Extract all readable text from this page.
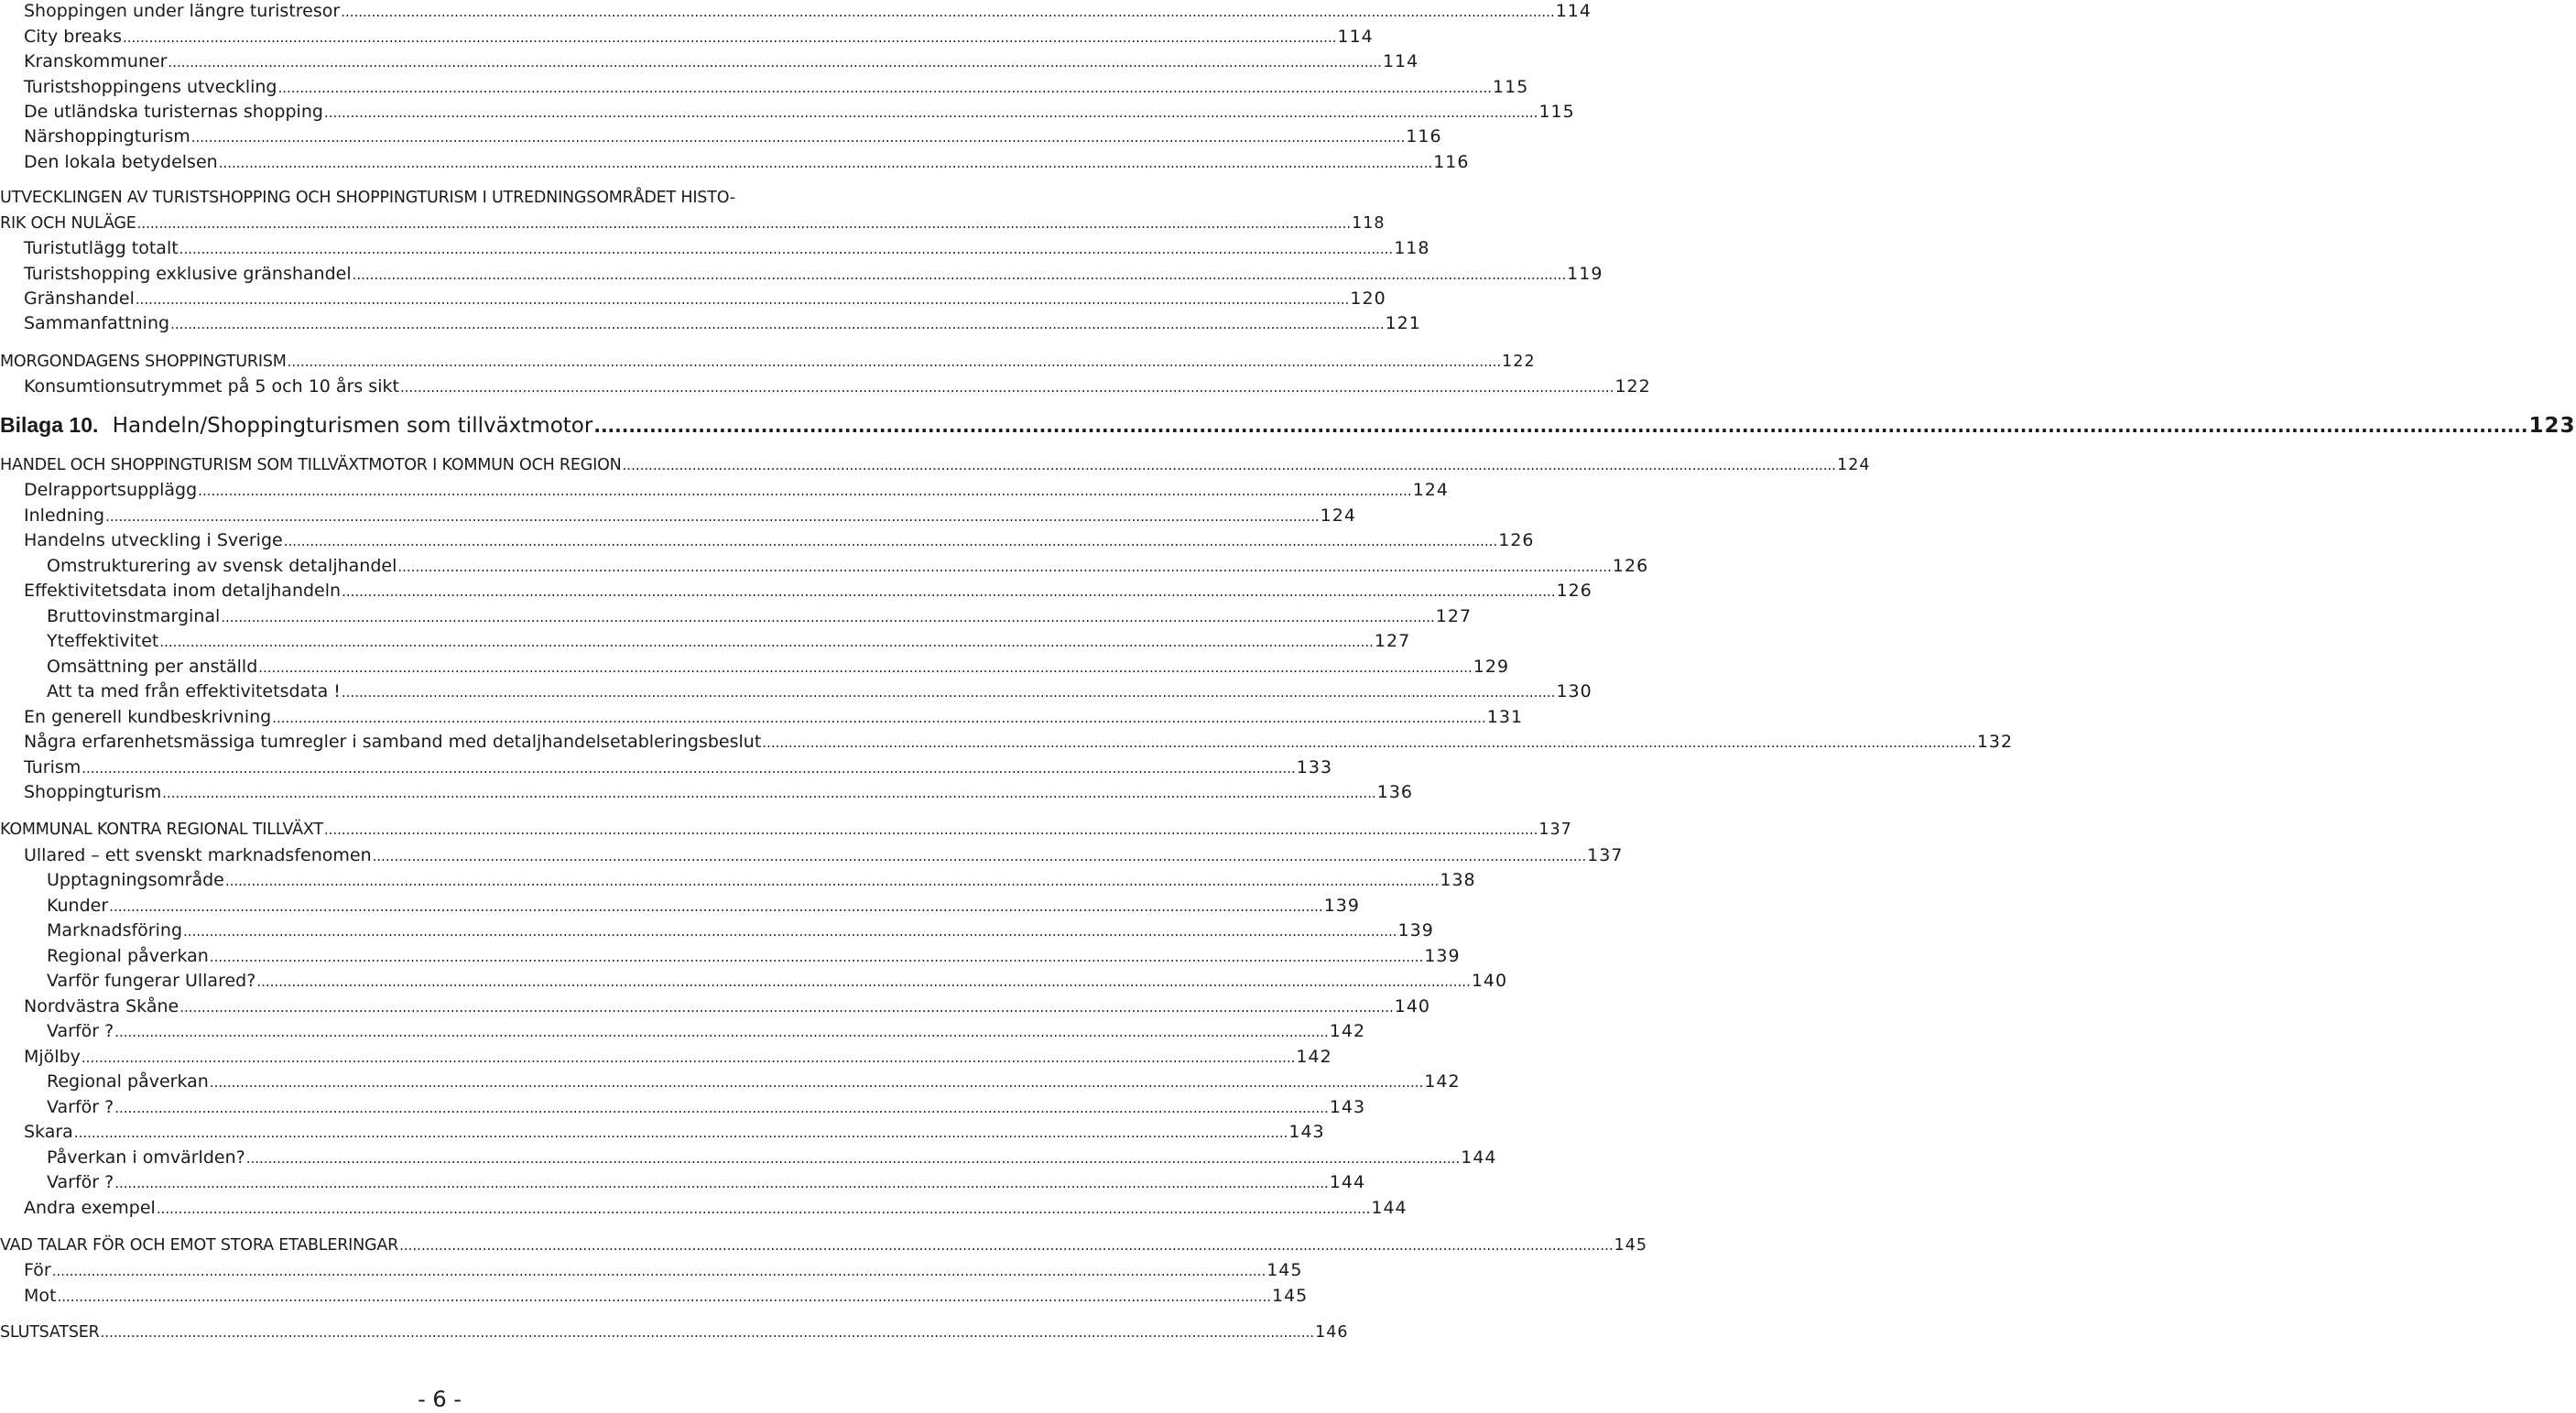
Shoppingen under längre turistresor .....	114
City breaks .....	114
Kranskommuner .....	114
Turistshoppingens utveckling .....	115
De utländska turisternas shopping .....	115
Närshoppingturism .....	116
Den lokala betydelsen .....	116
UTVECKLINGEN AV TURISTSHOPPING OCH SHOPPINGTURISM I UTREDNINGSOMRÅDET HISTO-
RIK OCH NULÄGE .....	118
Turistutlägg totalt .....	118
Turistshopping exklusive gränshandel .....	119
Gränshandel .....	120
Sammanfattning .....	121
MORGONDAGENS SHOPPINGTURISM .....	122
Konsumtionsutrymmet på 5 och 10 års sikt .....	122
Bilaga 10. Handeln/Shoppingturismen som tillväxtmotor .....	123
HANDEL OCH SHOPPINGTURISM SOM TILLVÄXTMOTOR I KOMMUN OCH REGION .....	124
Delrapportsupplägg .....	124
Inledning .....	124
Handelns utveckling i Sverige .....	126
Omstrukturering av svensk detaljhandel .....	126
Effektivitetsdata inom detaljhandeln .....	126
Bruttovinstmarginal .....	127
Yteffektivitet .....	127
Omsättning per anställd .....	129
Att ta med från effektivitetsdata ! .....	130
En generell kundbeskrivning .....	131
Några erfarenhetsmässiga tumregler i samband med detaljhandelsetableringsbeslut .....	132
Turism .....	133
Shoppingturism .....	136
KOMMUNAL KONTRA REGIONAL TILLVÄXT .....	137
Ullared – ett svenskt marknadsfenomen .....	137
Upptagningsområde .....	138
Kunder .....	139
Marknadsföring .....	139
Regional påverkan .....	139
Varför fungerar Ullared? .....	140
Nordvästra Skåne .....	140
Varför ? .....	142
Mjölby .....	142
Regional påverkan .....	142
Varför ? .....	143
Skara .....	143
Påverkan i omvärlden? .....	144
Varför ? .....	144
Andra exempel .....	144
VAD TALAR FÖR OCH EMOT STORA ETABLERINGAR .....	145
För .....	145
Mot .....	145
SLUTSATSER .....	146
- 6 -
